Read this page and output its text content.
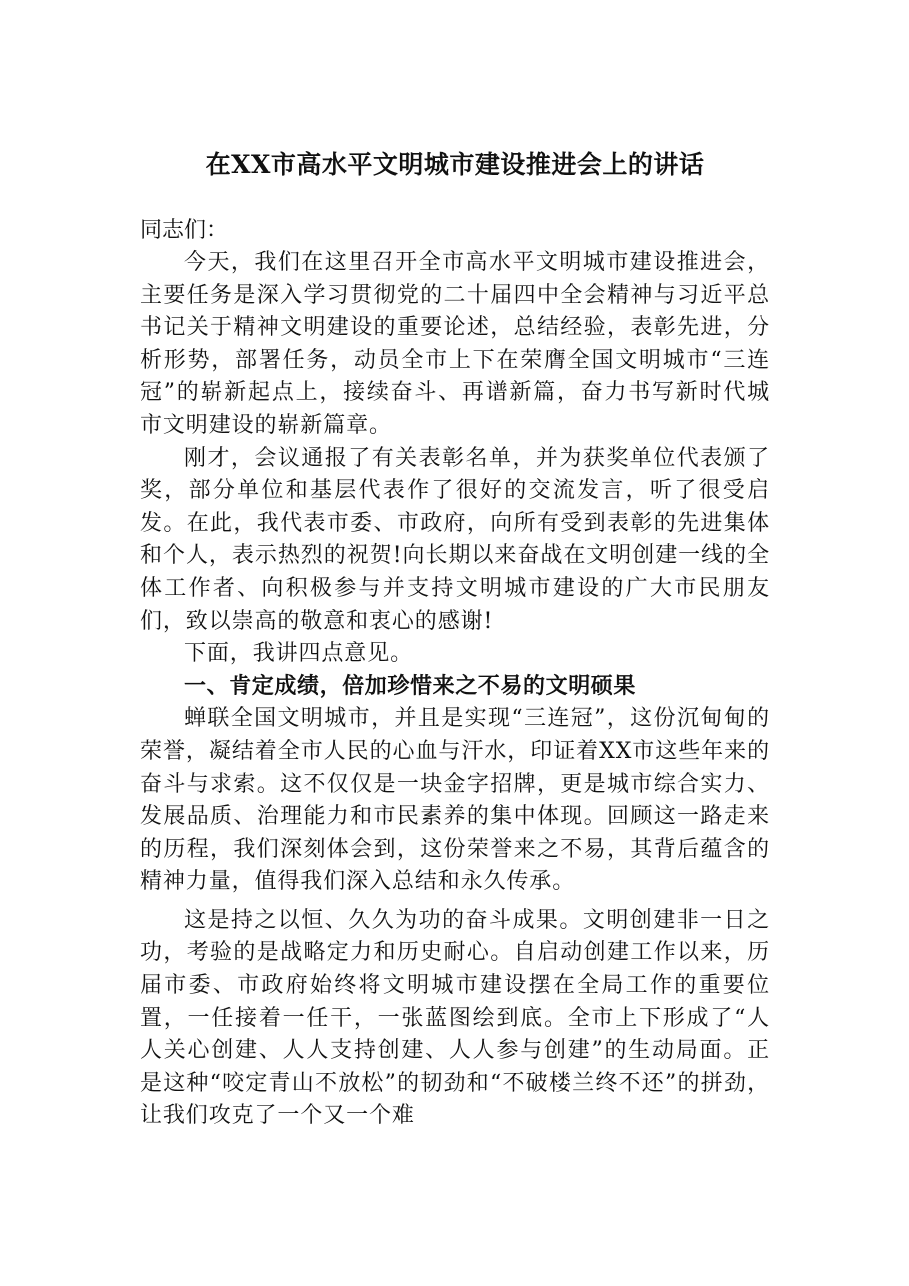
在XX市高水平文明城市建设推进会上的讲话

同志们：

今天，我们在这里召开全市高水平文明城市建设推进会，主要任务是深入学习贯彻党的二十届四中全会精神与习近平总书记关于精神文明建设的重要论述，总结经验，表彰先进，分析形势，部署任务，动员全市上下在荣膺全国文明城市“三连冠”的崭新起点上，接续奋斗、再谱新篇，奋力书写新时代城市文明建设的崭新篇章。

刚才，会议通报了有关表彰名单，并为获奖单位代表颁了奖，部分单位和基层代表作了很好的交流发言，听了很受启发。在此，我代表市委、市政府，向所有受到表彰的先进集体和个人，表示热烈的祝贺!向长期以来奋战在文明创建一线的全体工作者、向积极参与并支持文明城市建设的广大市民朋友们，致以崇高的敬意和衷心的感谢!

下面，我讲四点意见。

一、肯定成绩，倍加珍惜来之不易的文明硕果

蝉联全国文明城市，并且是实现“三连冠”，这份沉甸甸的荣誉，凝结着全市人民的心血与汗水，印证着XX市这些年来的奋斗与求索。这不仅仅是一块金字招牌，更是城市综合实力、发展品质、治理能力和市民素养的集中体现。回顾这一路走来的历程，我们深刻体会到，这份荣誉来之不易，其背后蕴含的精神力量，值得我们深入总结和永久传承。

这是持之以恒、久久为功的奋斗成果。文明创建非一日之功，考验的是战略定力和历史耐心。自启动创建工作以来，历届市委、市政府始终将文明城市建设摆在全局工作的重要位置，一任接着一任干，一张蓝图绘到底。全市上下形成了“人人关心创建、人人支持创建、人人参与创建”的生动局面。正是这种“咬定青山不放松”的韧劲和“不破楼兰终不还”的拼劲，让我们攻克了一个又一个难
